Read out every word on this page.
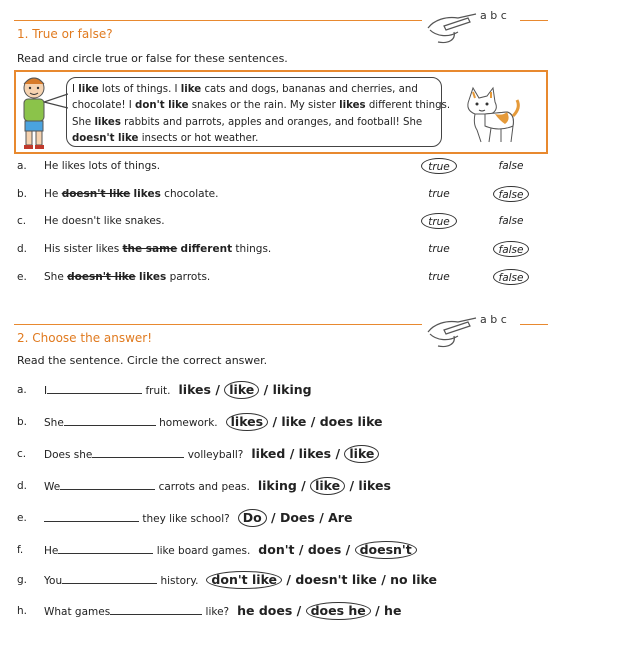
a b c
1. True or false?
Read and circle true or false for these sentences.
I like lots of things. I like cats and dogs, bananas and cherries, and
chocolate! I don't like snakes or the rain. My sister likes different things.
She likes rabbits and parrots, apples and oranges, and football! She
doesn't like insects or hot weather.
a. He likes lots of things.	true	false
b. He doesn't like likes chocolate.	true	false
c. He doesn't like snakes.	true	false
d. His sister likes the same different things.	true	false
e. She doesn't like likes parrots.	true	false
a b c
2. Choose the answer!
Read the sentence. Circle the correct answer.
a. I	fruit. likes / like / liking
b. She	homework. likes / like / does like
c. Does she	volleyball? liked / likes / like
d. We	carrots and peas. liking / like / likes
e.	they like school? Do / Does / Are
f. He	like board games. don't / does / doesn't
g. You	history. don't like / doesn't like / no like
h. What games	like? he does / does he / he
